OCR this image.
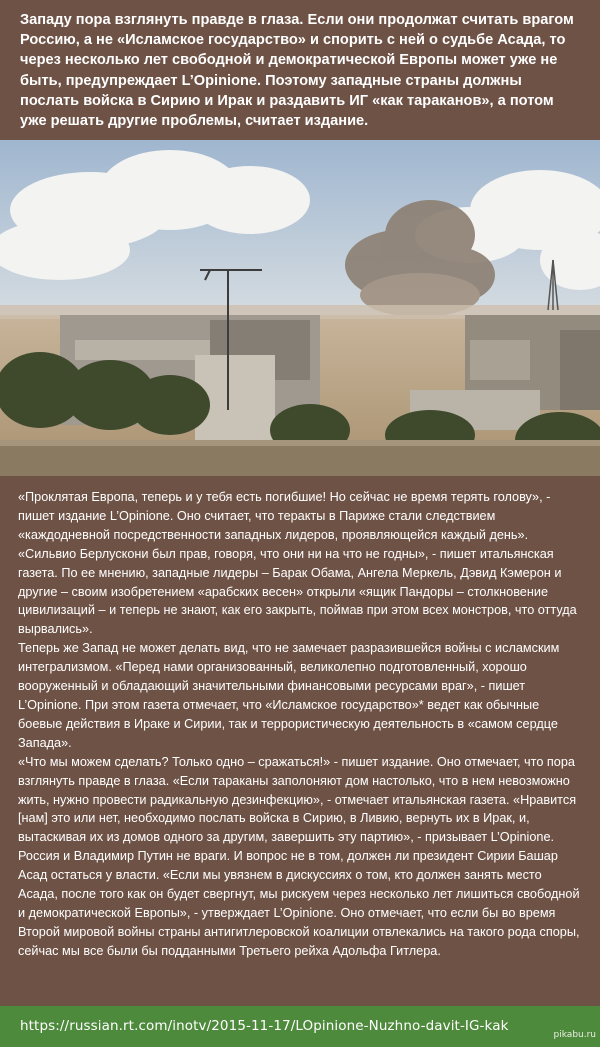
Западу пора взглянуть правде в глаза. Если они продолжат считать врагом Россию, а не «Исламское государство» и спорить с ней о судьбе Асада, то через несколько лет свободной и демократической Европы может уже не быть, предупреждает L’Opinione. Поэтому западные страны должны послать войска в Сирию и Ирак и раздавить ИГ «как тараканов», а потом уже решать другие проблемы, считает издание.

«Проклятая Европа, теперь и у тебя есть погибшие! Но сейчас не время терять голову», - пишет издание L’Opinione. Оно считает, что теракты в Париже стали следствием «каждодневной посредственности западных лидеров, проявляющейся каждый день».

«Сильвио Берлускони был прав, говоря, что они ни на что не годны», - пишет итальянская газета. По ее мнению, западные лидеры – Барак Обама, Ангела Меркель, Дэвид Кэмерон и другие – своим изобретением «арабских весен» открыли «ящик Пандоры – столкновение цивилизаций – и теперь не знают, как его закрыть, поймав при этом всех монстров, что оттуда вырвались».

Теперь же Запад не может делать вид, что не замечает разразившейся войны с исламским интегрализмом. «Перед нами организованный, великолепно подготовленный, хорошо вооруженный и обладающий значительными финансовыми ресурсами враг», - пишет L’Opinione. При этом газета отмечает, что «Исламское государство»* ведет как обычные боевые действия в Ираке и Сирии, так и террористическую деятельность в «самом сердце Запада».

«Что мы можем сделать? Только одно – сражаться!» - пишет издание. Оно отмечает, что пора взглянуть правде в глаза. «Если тараканы заполоняют дом настолько, что в нем невозможно жить, нужно провести радикальную дезинфекцию», - отмечает итальянская газета. «Нравится [нам] это или нет, необходимо послать войска в Сирию, в Ливию, вернуть их в Ирак, и, вытаскивая их из домов одного за другим, завершить эту партию», - призывает L’Opinione.

Россия и Владимир Путин не враги. И вопрос не в том, должен ли президент Сирии Башар Асад остаться у власти. «Если мы увязнем в дискуссиях о том, кто должен занять место Асада, после того как он будет свергнут, мы рискуем через несколько лет лишиться свободной и демократической Европы», - утверждает L’Opinione. Оно отмечает, что если бы во время Второй мировой войны страны антигитлеровской коалиции отвлекались на такого рода споры, сейчас мы все были бы подданными Третьего рейха Адольфа Гитлера.

https://russian.rt.com/inotv/2015-11-17/LOpinione-Nuzhno-davit-IG-kak
pikabu.ru
